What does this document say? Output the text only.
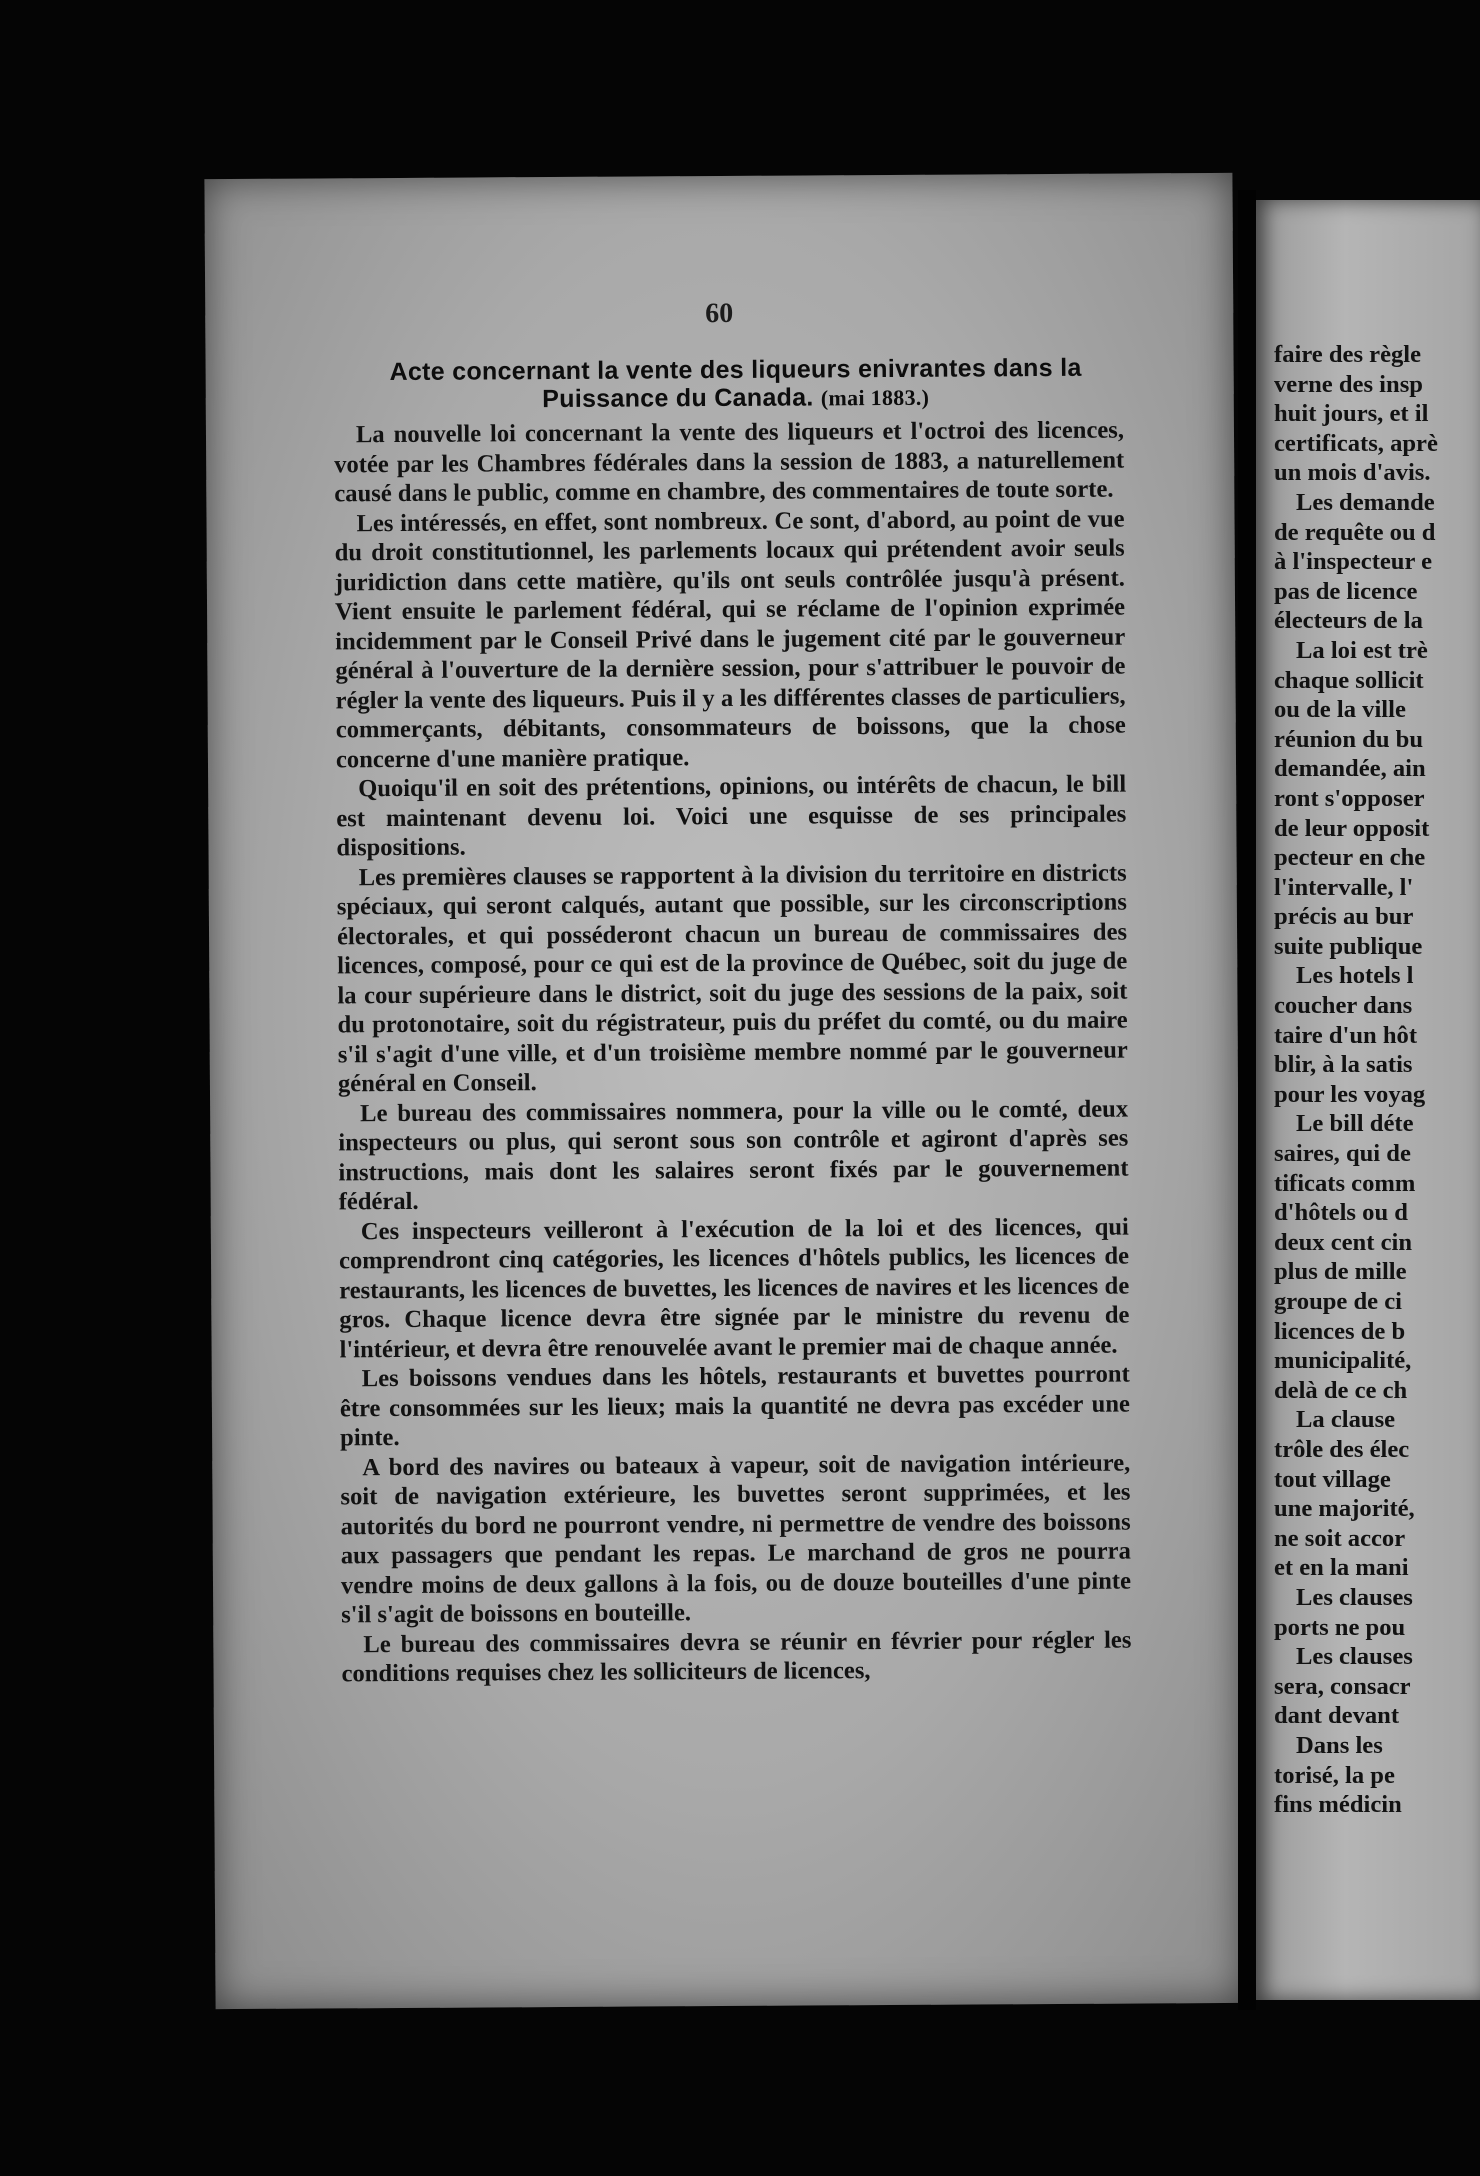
60
Acte concernant la vente des liqueurs enivrantes dans la Puissance du Canada. (mai 1883.)

La nouvelle loi concernant la vente des liqueurs et l'octroi des licences, votée par les Chambres fédérales dans la session de 1883, a naturellement causé dans le public, comme en chambre, des commentaires de toute sorte.

Les intéressés, en effet, sont nombreux. Ce sont, d'abord, au point de vue du droit constitutionnel, les parlements locaux qui prétendent avoir seuls juridiction dans cette matière, qu'ils ont seuls contrôlée jusqu'à présent. Vient ensuite le parlement fédéral, qui se réclame de l'opinion exprimée incidemment par le Conseil Privé dans le jugement cité par le gouverneur général à l'ouverture de la dernière session, pour s'attribuer le pouvoir de régler la vente des liqueurs. Puis il y a les différentes classes de particuliers, commerçants, débitants, consommateurs de boissons, que la chose concerne d'une manière pratique.

Quoiqu'il en soit des prétentions, opinions, ou intérêts de chacun, le bill est maintenant devenu loi. Voici une esquisse de ses principales dispositions.

Les premières clauses se rapportent à la division du territoire en districts spéciaux, qui seront calqués, autant que possible, sur les circonscriptions électorales, et qui posséderont chacun un bureau de commissaires des licences, composé, pour ce qui est de la province de Québec, soit du juge de la cour supérieure dans le district, soit du juge des sessions de la paix, soit du protonotaire, soit du régistrateur, puis du préfet du comté, ou du maire s'il s'agit d'une ville, et d'un troisième membre nommé par le gouverneur général en Conseil.

Le bureau des commissaires nommera, pour la ville ou le comté, deux inspecteurs ou plus, qui seront sous son contrôle et agiront d'après ses instructions, mais dont les salaires seront fixés par le gouvernement fédéral.

Ces inspecteurs veilleront à l'exécution de la loi et des licences, qui comprendront cinq catégories, les licences d'hôtels publics, les licences de restaurants, les licences de buvettes, les licences de navires et les licences de gros. Chaque licence devra être signée par le ministre du revenu de l'intérieur, et devra être renouvelée avant le premier mai de chaque année.

Les boissons vendues dans les hôtels, restaurants et buvettes pourront être consommées sur les lieux; mais la quantité ne devra pas excéder une pinte.

A bord des navires ou bateaux à vapeur, soit de navigation intérieure, soit de navigation extérieure, les buvettes seront supprimées, et les autorités du bord ne pourront vendre, ni permettre de vendre des boissons aux passagers que pendant les repas. Le marchand de gros ne pourra vendre moins de deux gallons à la fois, ou de douze bouteilles d'une pinte s'il s'agit de boissons en bouteille.

Le bureau des commissaires devra se réunir en février pour régler les conditions requises chez les solliciteurs de licences,

faire des règle
verne des insp
huit jours, et il
certificats, aprè
un mois d'avis.
Les demande
de requête ou d
à l'inspecteur e
pas de licence
électeurs de la
La loi est trè
chaque sollicit
ou de la ville
réunion du bu
demandée, ain
ront s'opposer
de leur opposit
pecteur en che
l'intervalle, l'
précis au bur
suite publique
Les hotels l
coucher dans
taire d'un hôt
blir, à la satis
pour les voyag
Le bill déte
saires, qui de
tificats comm
d'hôtels ou d
deux cent cin
plus de mille
groupe de ci
licences de b
municipalité,
delà de ce ch
La clause
trôle des élec
tout village
une majorité,
ne soit accor
et en la mani
Les clauses
ports ne pou
Les clauses
sera, consacr
dant devant
Dans les
torisé, la pe
fins médicin
